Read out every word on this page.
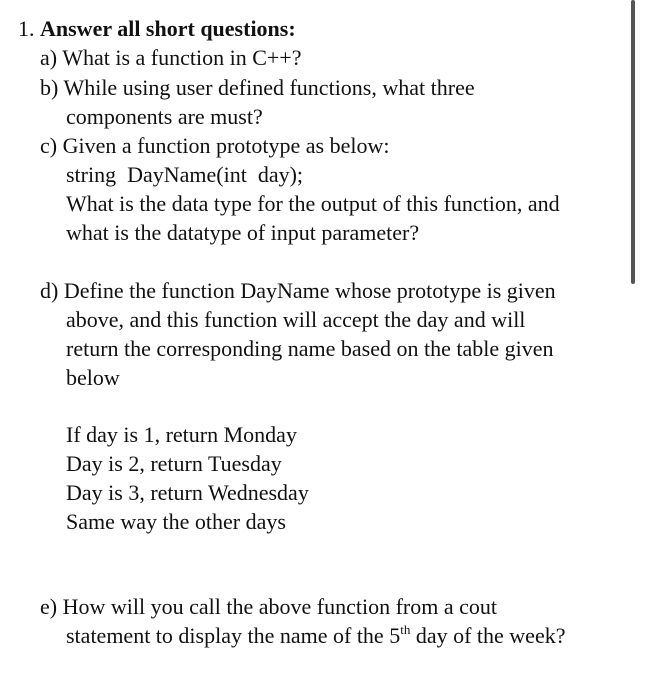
1. Answer all short questions:
a) What is a function in C++?
b) While using user defined functions, what three
components are must?
c) Given a function prototype as below:
string  DayName(int  day);
What is the data type for the output of this function, and
what is the datatype of input parameter?
d) Define the function DayName whose prototype is given
above, and this function will accept the day and will
return the corresponding name based on the table given
below
If day is 1, return Monday
Day is 2, return Tuesday
Day is 3, return Wednesday
Same way the other days
e) How will you call the above function from a cout
statement to display the name of the 5th day of the week?
